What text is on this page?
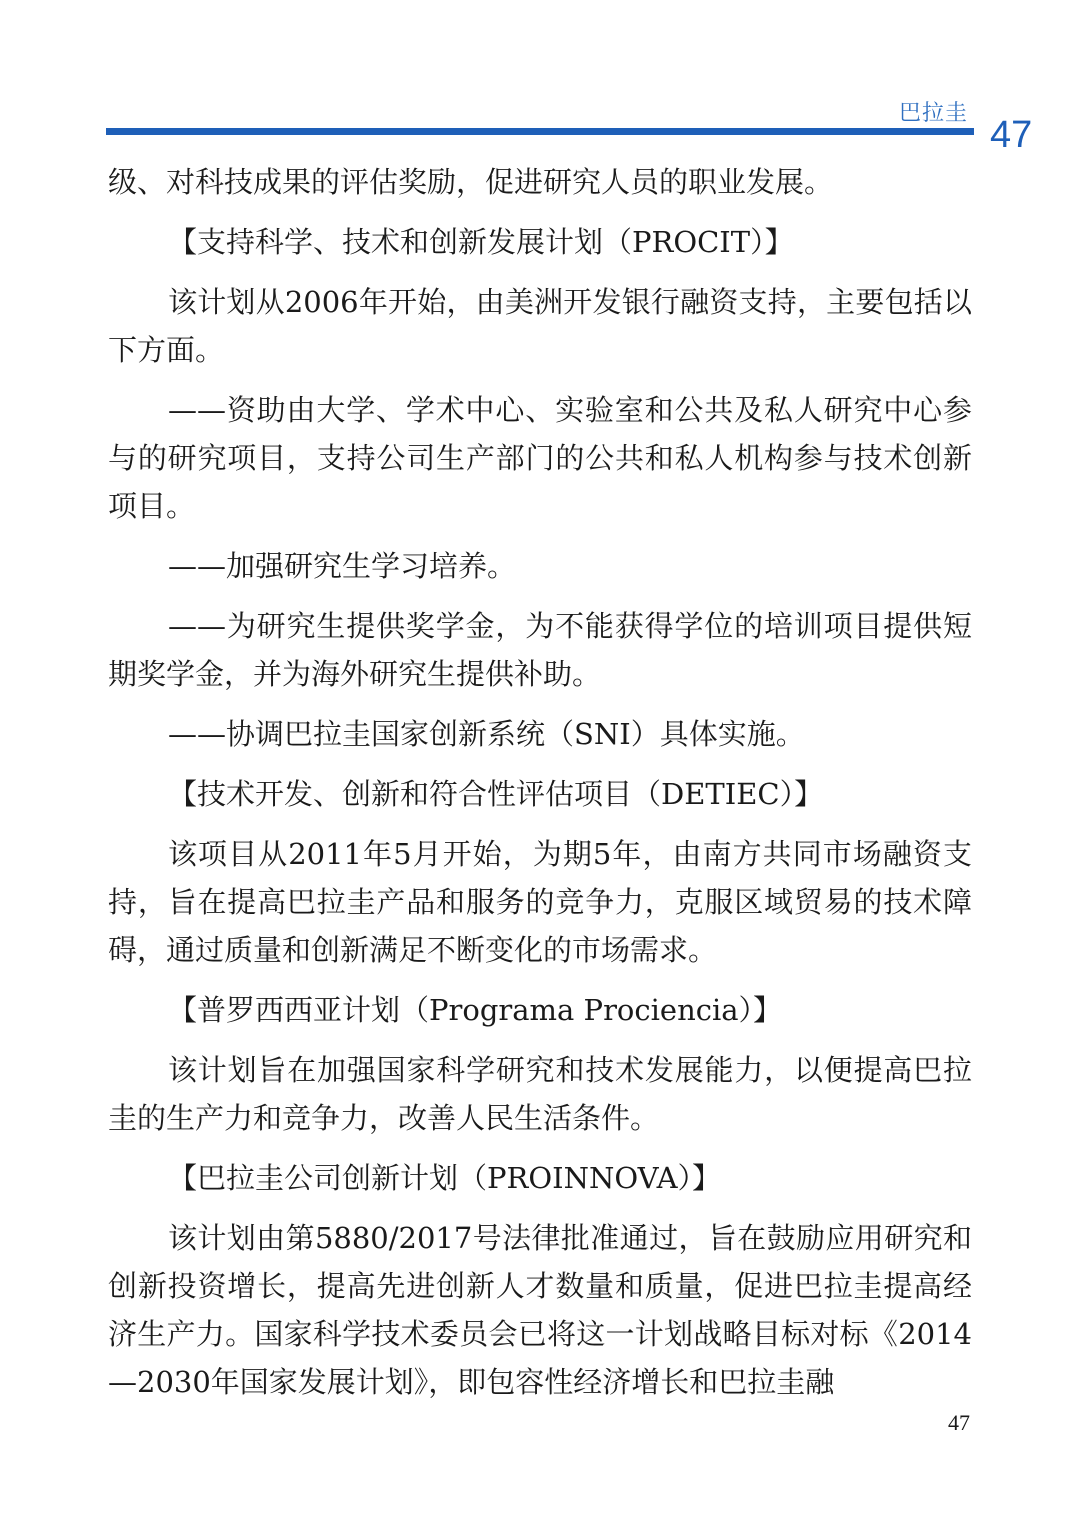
巴拉圭
47

级、对科技成果的评估奖励，促进研究人员的职业发展。

【支持科学、技术和创新发展计划（PROCIT）】

该计划从2006年开始，由美洲开发银行融资支持，主要包括以下方面。

——资助由大学、学术中心、实验室和公共及私人研究中心参与的研究项目，支持公司生产部门的公共和私人机构参与技术创新项目。

——加强研究生学习培养。

——为研究生提供奖学金，为不能获得学位的培训项目提供短期奖学金，并为海外研究生提供补助。

——协调巴拉圭国家创新系统（SNI）具体实施。

【技术开发、创新和符合性评估项目（DETIEC）】

该项目从2011年5月开始，为期5年，由南方共同市场融资支持，旨在提高巴拉圭产品和服务的竞争力，克服区域贸易的技术障碍，通过质量和创新满足不断变化的市场需求。

【普罗西西亚计划（Programa Prociencia）】

该计划旨在加强国家科学研究和技术发展能力，以便提高巴拉圭的生产力和竞争力，改善人民生活条件。

【巴拉圭公司创新计划（PROINNOVA）】

该计划由第5880/2017号法律批准通过，旨在鼓励应用研究和创新投资增长，提高先进创新人才数量和质量，促进巴拉圭提高经济生产力。国家科学技术委员会已将这一计划战略目标对标《2014—2030年国家发展计划》，即包容性经济增长和巴拉圭融

47
